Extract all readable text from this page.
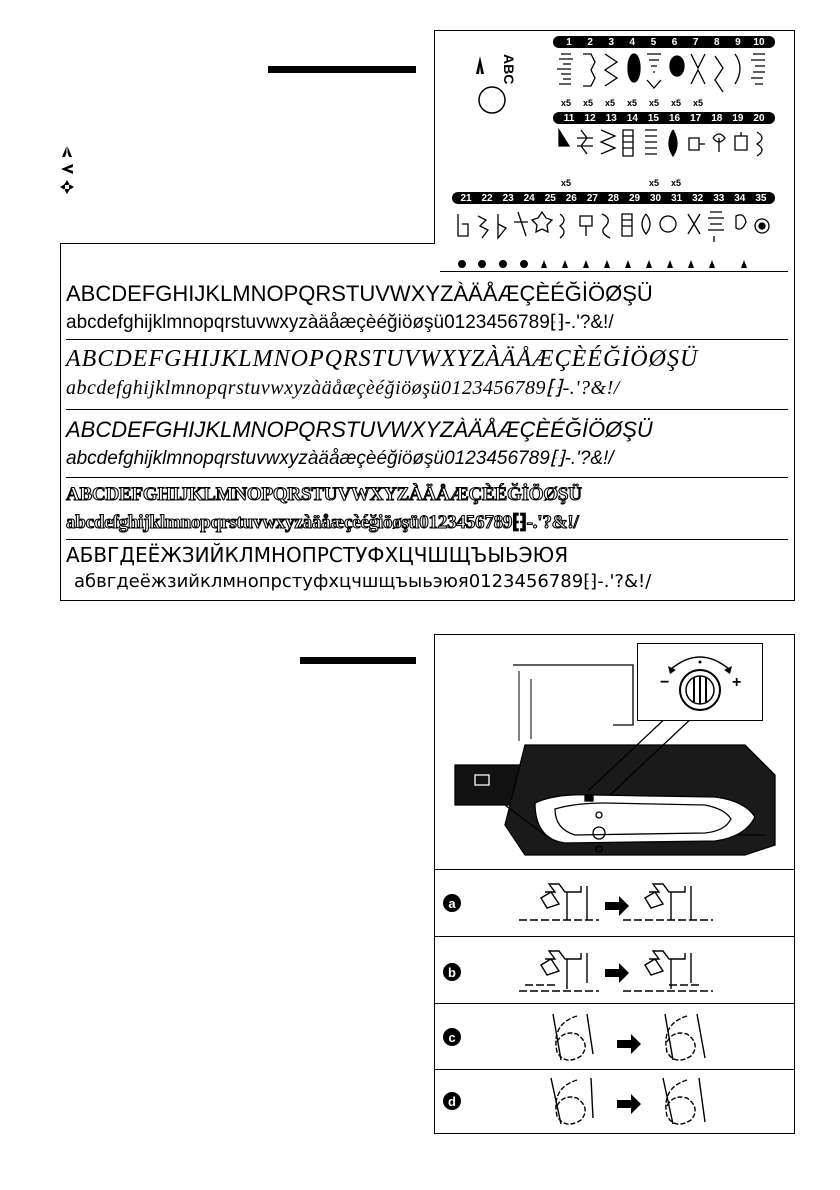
ABC
1	2	3	4	5	6	7	8	9	10
x5	x5	x5	x5	x5	x5	x5
11	12 13 14 15 16 17 18 19 20
x5	x5	x5
21 22 23 24 25 26 27 28 29 30 31 32 33 34 35
ABCDEFGHIJKLMNOPQRSTUVWXYZÀÄÅÆÇÈÉĞİÖØŞÜ
abcdefghijklmnopqrstuvwxyzàäåæçèéğiöøşü0123456789⁅⁆-.'?&!/
ABCDEFGHIJKLMNOPQRSTUVWXYZÀÄÅÆÇÈÉĞİÖØŞÜ
abcdefghijklmnopqrstuvwxyzàäåæçèéğiöøşü0123456789⁅⁆-.'?&!/
ABCDEFGHIJKLMNOPQRSTUVWXYZÀÄÅÆÇÈÉĞİÖØŞÜ
abcdefghijklmnopqrstuvwxyzàäåæçèéğiöøşü0123456789⁅⁆-.'?&!/
ABCDEFGHIJKLMNOPQRSTUVWXYZÀÄÅÆÇÈÉĞİÖØŞÜ
abcdefghijklmnopqrstuvwxyzàäåæçèéğiöøşü0123456789⁅⁆-.'?&!/
АБВГДЕЁЖЗИЙКЛМНОПРСТУФХЦЧШЩЪЫЬЭЮЯ
абвгдеёжзийклмнопрстуфхцчшщъыьэюя0123456789⁅⁆-.'?&!/
−	+
a
b
c
d
